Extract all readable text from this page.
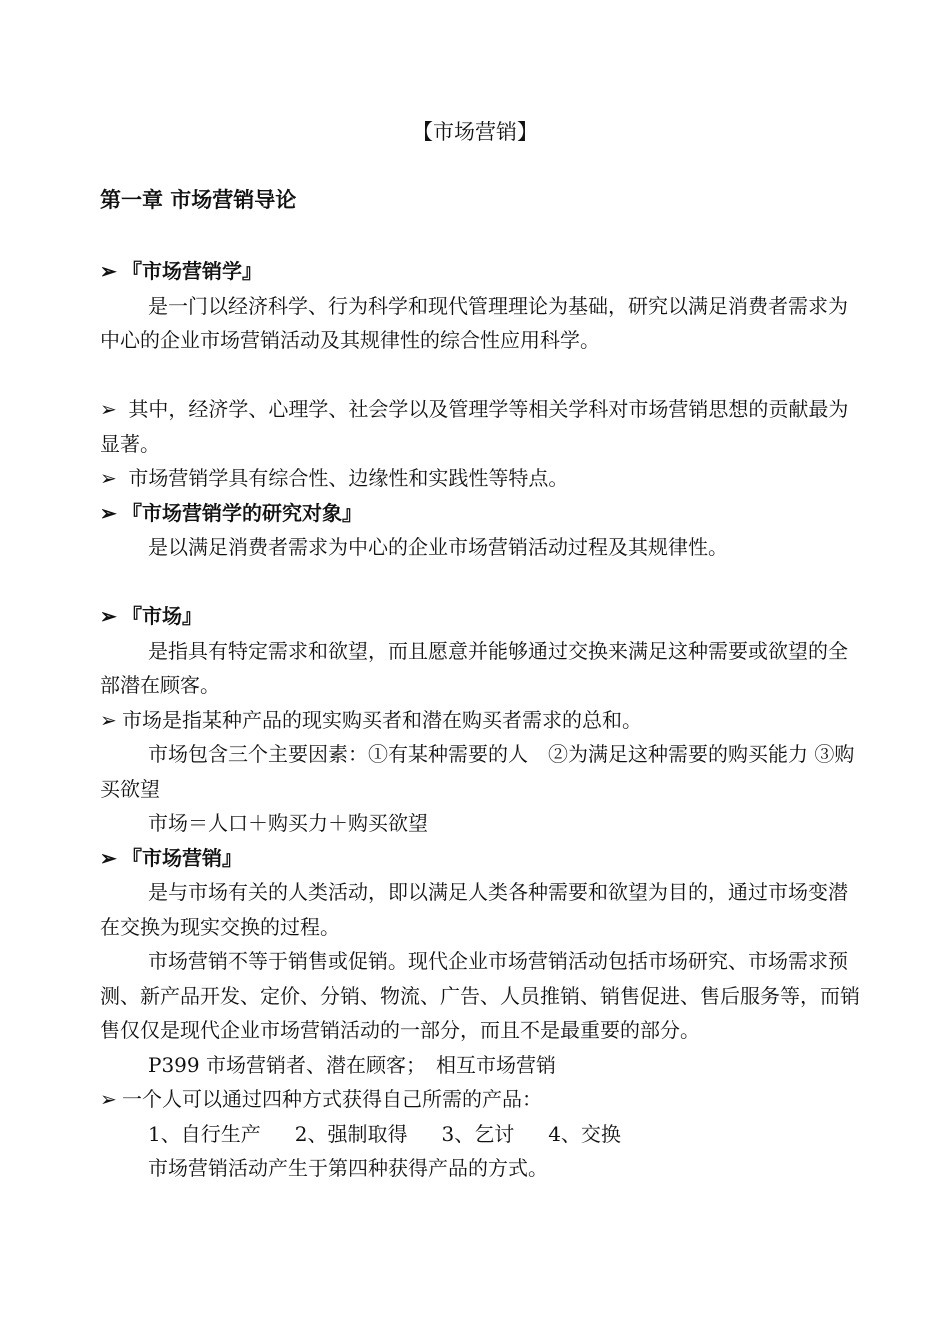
【市场营销】
第一章 市场营销导论

➢ 『市场营销学』

是一门以经济科学、行为科学和现代管理理论为基础，研究以满足消费者需求为中心的企业市场营销活动及其规律性的综合性应用科学。

➢ 其中，经济学、心理学、社会学以及管理学等相关学科对市场营销思想的贡献最为显著。

➢ 市场营销学具有综合性、边缘性和实践性等特点。

➢ 『市场营销学的研究对象』

是以满足消费者需求为中心的企业市场营销活动过程及其规律性。

➢ 『市场』

是指具有特定需求和欲望，而且愿意并能够通过交换来满足这种需要或欲望的全部潜在顾客。

➢ 市场是指某种产品的现实购买者和潜在购买者需求的总和。

市场包含三个主要因素：①有某种需要的人　②为满足这种需要的购买能力 ③购买欲望

市场＝人口＋购买力＋购买欲望

➢ 『市场营销』

是与市场有关的人类活动，即以满足人类各种需要和欲望为目的，通过市场变潜在交换为现实交换的过程。

市场营销不等于销售或促销。现代企业市场营销活动包括市场研究、市场需求预测、新产品开发、定价、分销、物流、广告、人员推销、销售促进、售后服务等，而销售仅仅是现代企业市场营销活动的一部分，而且不是最重要的部分。

P399 市场营销者、潜在顾客；　相互市场营销

➢ 一个人可以通过四种方式获得自己所需的产品：

1、自行生产 2、强制取得 3、乞讨 4、交换

市场营销活动产生于第四种获得产品的方式。
